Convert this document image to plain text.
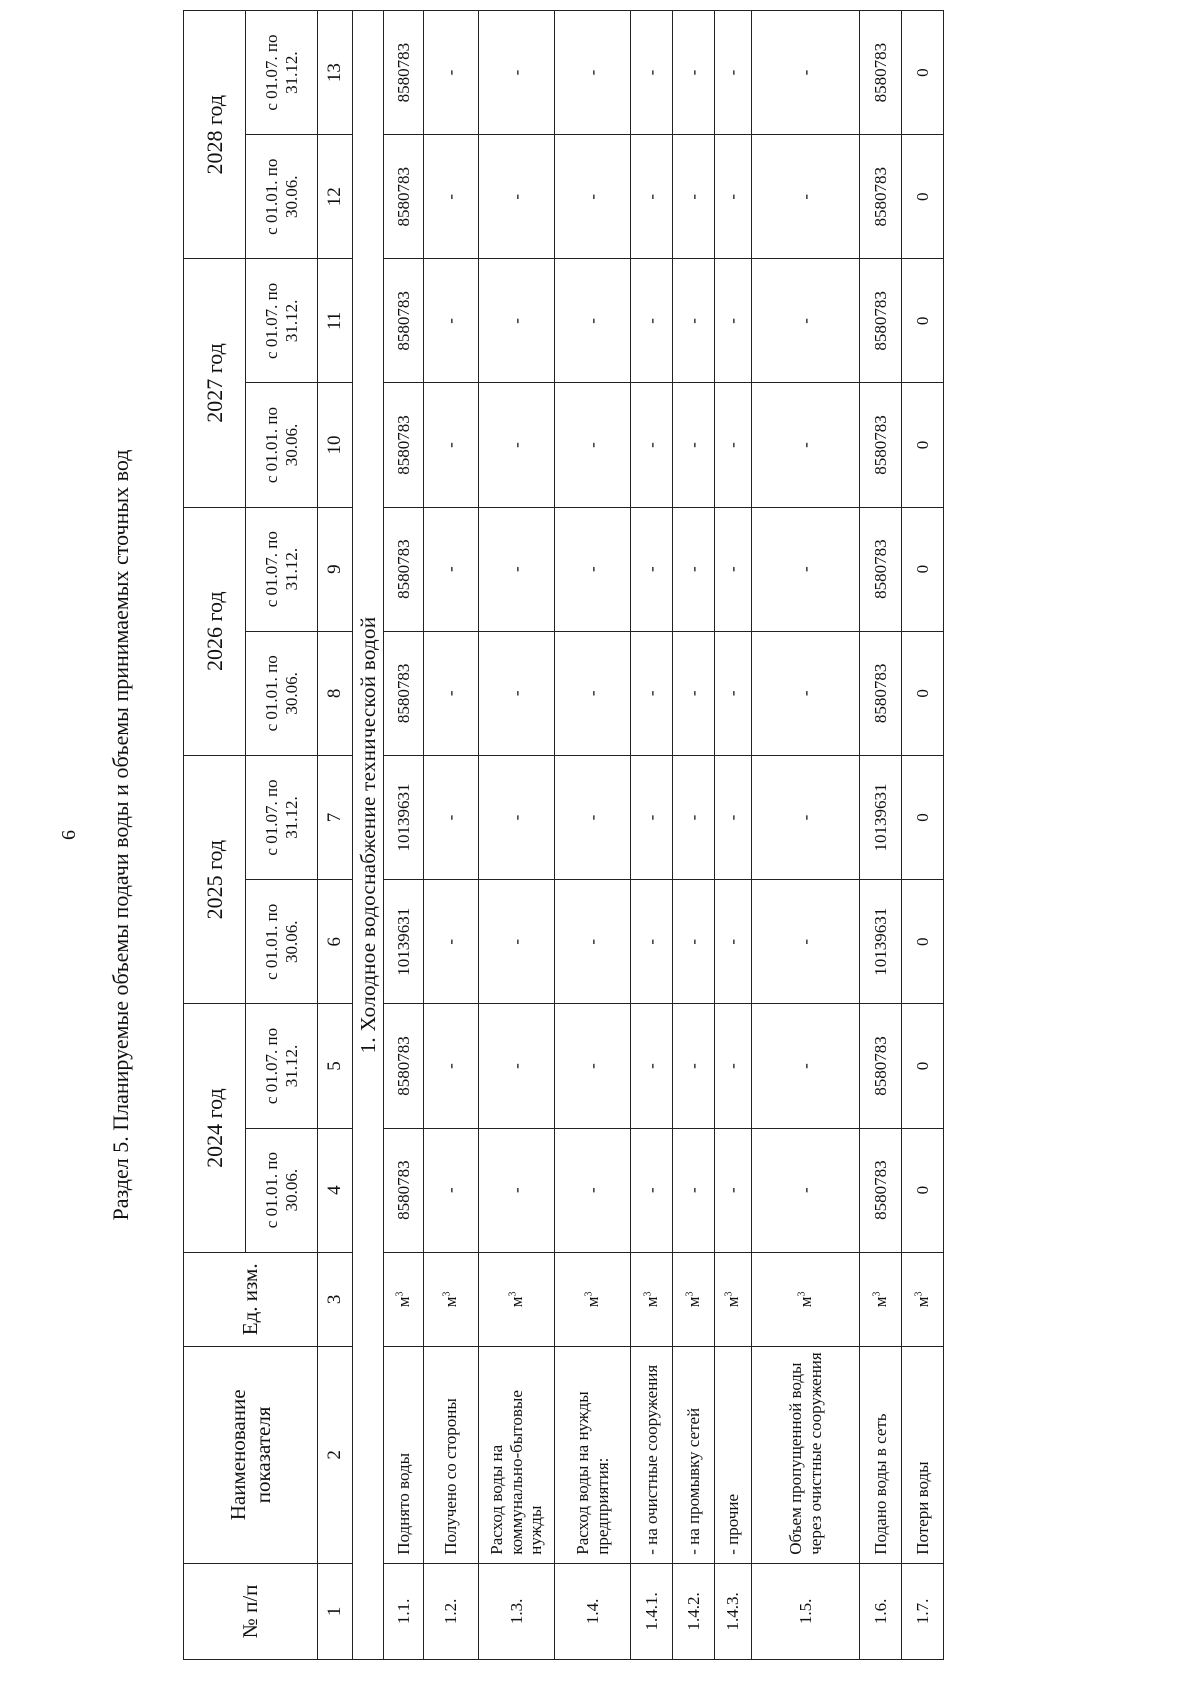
6 Раздел 5. Планируемые объемы подачи воды и объемы принимаемых сточных вод
№ п/п	Наименование показателя	Ед. изм.	2024 год		2025 год		2026 год		2027 год		2028 год	
			с 01.01. по 30.06.	с 01.07. по 31.12.	с 01.01. по 30.06.	с 01.07. по 31.12.	с 01.01. по 30.06.	с 01.07. по 31.12.	с 01.01. по 30.06.	с 01.07. по 31.12.	с 01.01. по 30.06.	с 01.07. по 31.12.
1	2	3	4	5	6	7	8	9	10	11	12	13
1. Холодное водоснабжение технической водой												
1.1.	Поднято воды	$м^3$	8580783	8580783	10139631	10139631	8580783	8580783	8580783	8580783	8580783	8580783
1.2.	Получено со стороны	$м^3$	-	-	-	-	-	-	-	-	-	-
1.3.	Расход воды на коммунально-бытовые нужды	$м^3$	-	-	-	-	-	-	-	-	-	-
1.4.	Расход воды на нужды предприятия:	$м^3$	-	-	-	-	-	-	-	-	-	-
1.4.1.	- на очистные сооружения	$м^3$	-	-	-	-	-	-	-	-	-	-
1.4.2.	- на промывку сетей	$м^3$	-	-	-	-	-	-	-	-	-	-
1.4.3.	- прочие	$м^3$	-	-	-	-	-	-	-	-	-	-
1.5.	Объем пропущенной воды через очистные сооружения	$м^3$	-	-	-	-	-	-	-	-	-	-
1.6.	Подано воды в сеть	$м^3$	8580783	8580783	10139631	10139631	8580783	8580783	8580783	8580783	8580783	8580783
1.7.	Потери воды	$м^3$	0	0	0	0	0	0	0	0	0	0
